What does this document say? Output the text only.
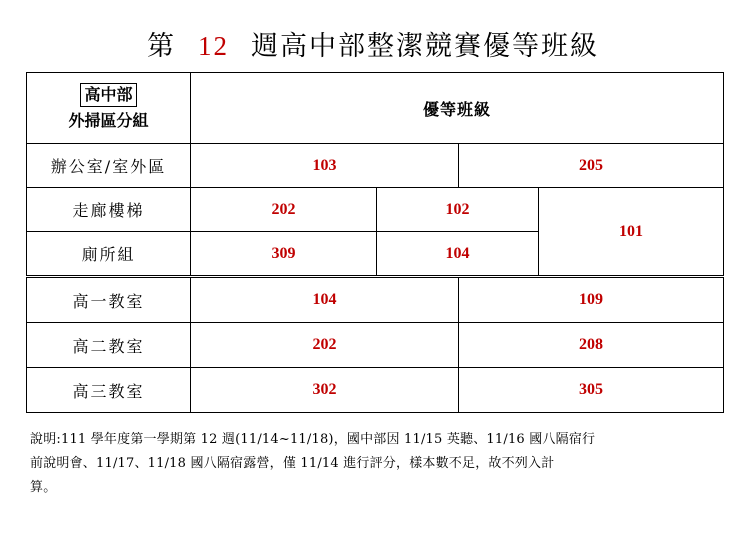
第 12 週高中部整潔競賽優等班級
高中部
外掃區分組	優等班級			
辦公室/室外區	103		205	
走廊樓梯	202	102		101
廁所組	309	104		
高一教室	104		109	
高二教室	202		208	
高三教室	302		305	
說明:111 學年度第一學期第 12 週(11/14~11/18)，國中部因 11/15 英聽、11/16 國八隔宿行
前說明會、11/17、11/18 國八隔宿露營，僅 11/14 進行評分，樣本數不足，故不列入計
算。
